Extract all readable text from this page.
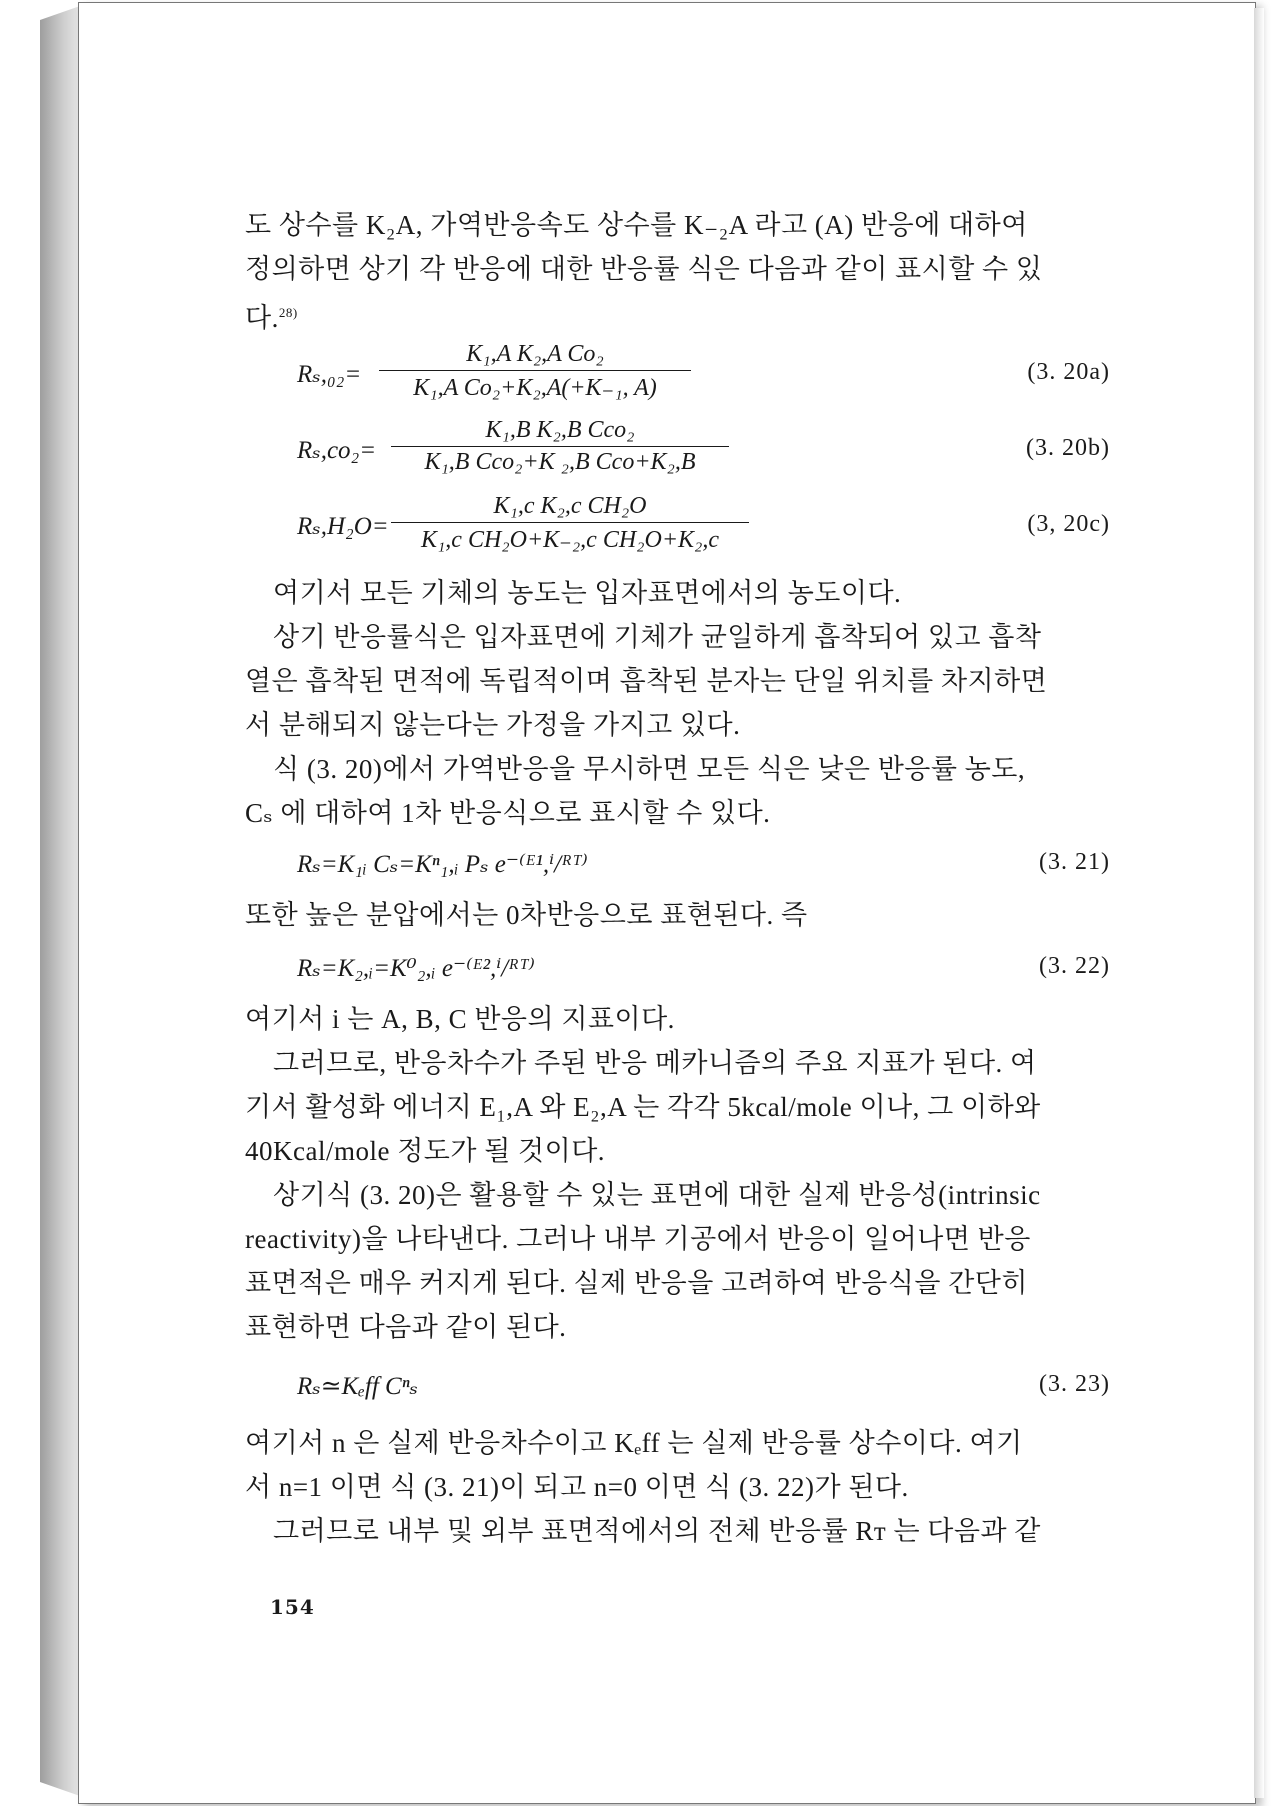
도 상수를 K₂A, 가역반응속도 상수를 K₋₂A 라고 (A) 반응에 대하여
정의하면 상기 각 반응에 대한 반응률 식은 다음과 같이 표시할 수 있
다.$^{28)}$
Rₛ,₀₂=
K₁,A K₂,A Co₂
K₁,A Co₂+K₂,A(+K₋₁, A)
(3. 20a)
Rₛ,co₂=
K₁,B K₂,B Cco₂
K₁,B Cco₂+K ₂,B Cco+K₂,B
(3. 20b)
Rₛ,H₂O=
K₁,c K₂,c CH₂O
K₁,c CH₂O+K₋₂,c CH₂O+K₂,c
(3, 20c)
여기서 모든 기체의 농도는 입자표면에서의 농도이다.
상기 반응률식은 입자표면에 기체가 균일하게 흡착되어 있고 흡착
열은 흡착된 면적에 독립적이며 흡착된 분자는 단일 위치를 차지하면
서 분해되지 않는다는 가정을 가지고 있다.
식 (3. 20)에서 가역반응을 무시하면 모든 식은 낮은 반응률 농도,
Cₛ 에 대하여 1차 반응식으로 표시할 수 있다.
Rₛ=K₁ᵢ Cₛ=Kⁿ₁,ᵢ Pₛ e⁻⁽ᴱ¹,ⁱ/ᴿᵀ⁾	(3. 21)
또한 높은 분압에서는 0차반응으로 표현된다. 즉
Rₛ=K₂,ᵢ=K⁰₂,ᵢ e⁻⁽ᴱ²,ⁱ/ᴿᵀ⁾	(3. 22)
여기서 i 는 A, B, C 반응의 지표이다.
그러므로, 반응차수가 주된 반응 메카니즘의 주요 지표가 된다. 여
기서 활성화 에너지 E₁,A 와 E₂,A 는 각각 5kcal/mole 이나, 그 이하와
40Kcal/mole 정도가 될 것이다.
상기식 (3. 20)은 활용할 수 있는 표면에 대한 실제 반응성(intrinsic
reactivity)을 나타낸다. 그러나 내부 기공에서 반응이 일어나면 반응
표면적은 매우 커지게 된다. 실제 반응을 고려하여 반응식을 간단히
표현하면 다음과 같이 된다.
Rₛ≃Kₑff Cⁿₛ	(3. 23)
여기서 n 은 실제 반응차수이고 Kₑff 는 실제 반응률 상수이다. 여기
서 n=1 이면 식 (3. 21)이 되고 n=0 이면 식 (3. 22)가 된다.
그러므로 내부 및 외부 표면적에서의 전체 반응률 Rᴛ 는 다음과 같
154
